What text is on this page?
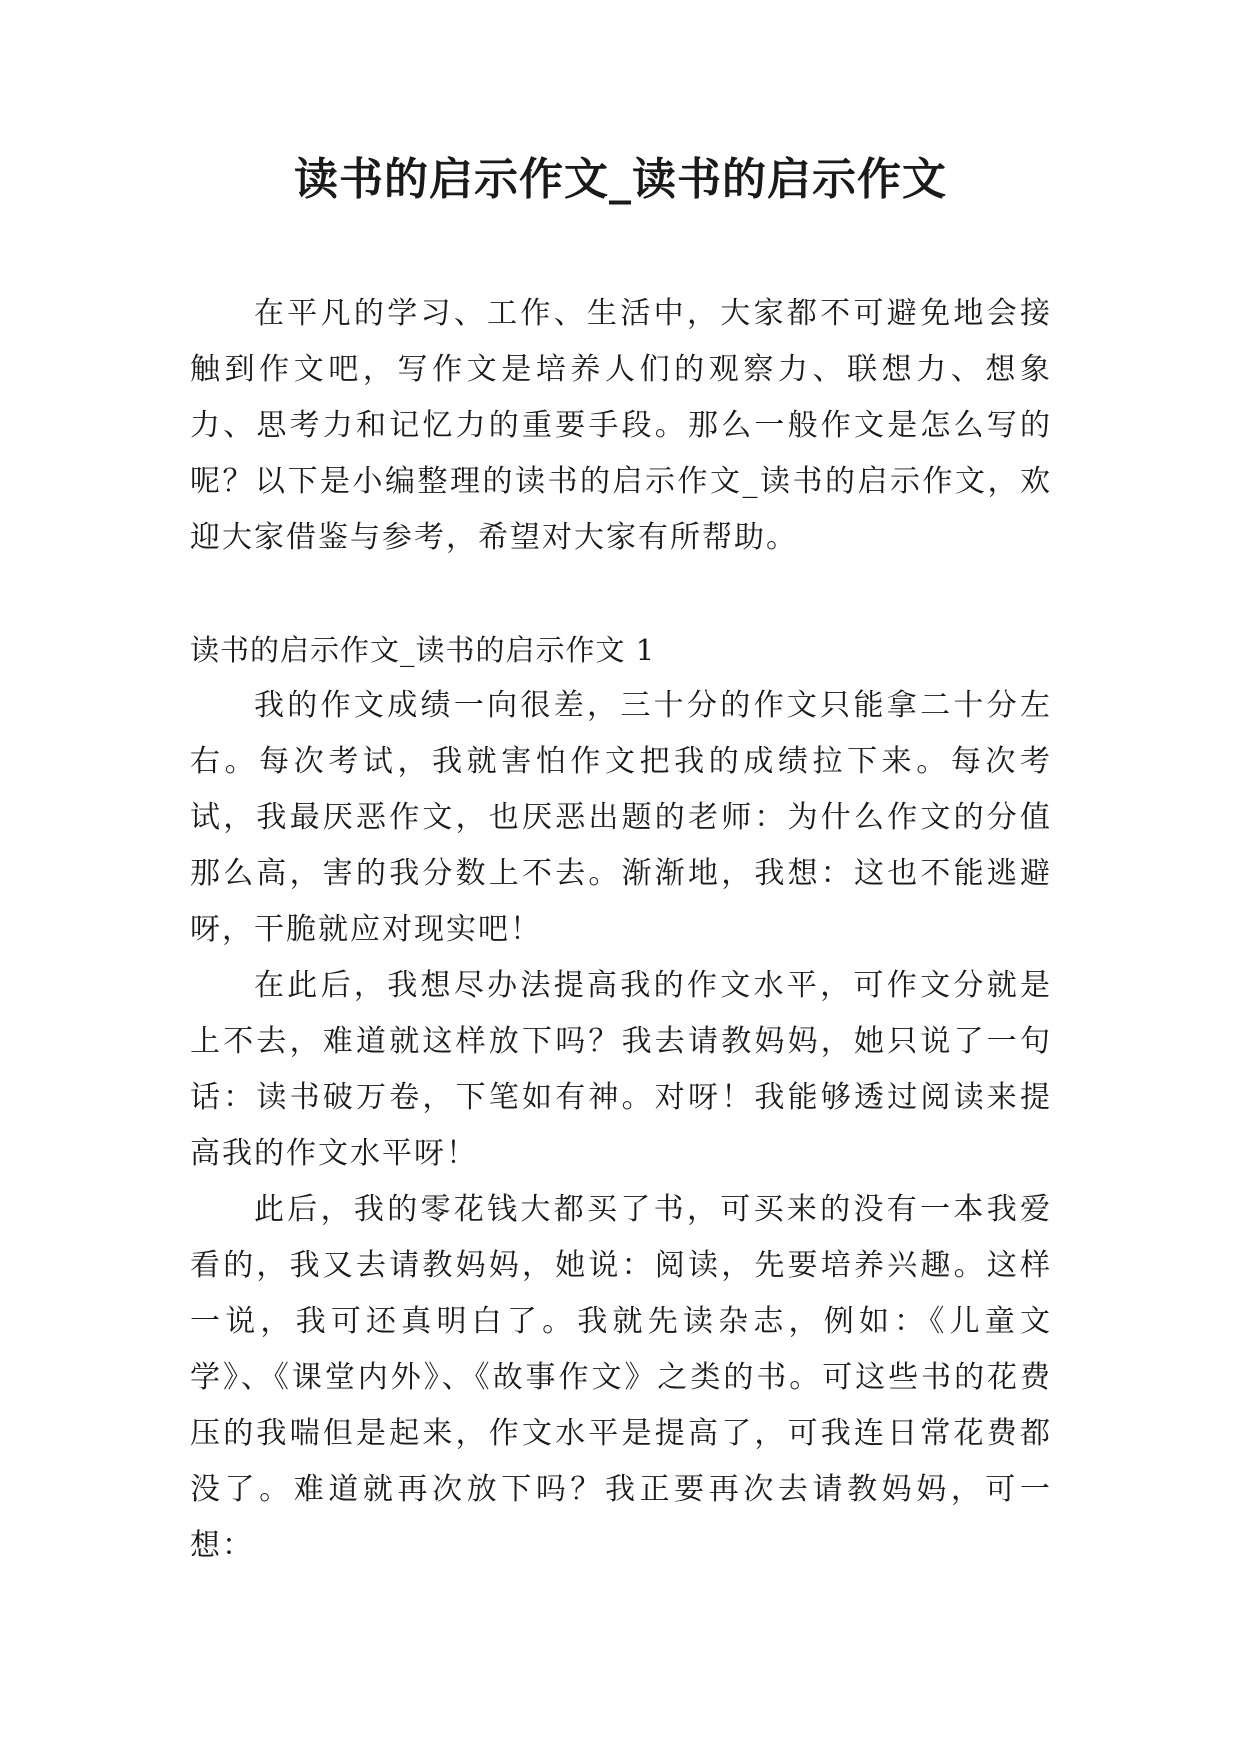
读书的启示作文_读书的启示作文

在平凡的学习、工作、生活中，大家都不可避免地会接触到作文吧，写作文是培养人们的观察力、联想力、想象力、思考力和记忆力的重要手段。那么一般作文是怎么写的呢？以下是小编整理的读书的启示作文_读书的启示作文，欢迎大家借鉴与参考，希望对大家有所帮助。

读书的启示作文_读书的启示作文 1

我的作文成绩一向很差，三十分的作文只能拿二十分左右。每次考试，我就害怕作文把我的成绩拉下来。每次考试，我最厌恶作文，也厌恶出题的老师：为什么作文的分值那么高，害的我分数上不去。渐渐地，我想：这也不能逃避呀，干脆就应对现实吧！

在此后，我想尽办法提高我的作文水平，可作文分就是上不去，难道就这样放下吗？我去请教妈妈，她只说了一句话：读书破万卷，下笔如有神。对呀！我能够透过阅读来提高我的作文水平呀！

此后，我的零花钱大都买了书，可买来的没有一本我爱看的，我又去请教妈妈，她说：阅读，先要培养兴趣。这样一说，我可还真明白了。我就先读杂志，例如：《儿童文学》、《课堂内外》、《故事作文》之类的书。可这些书的花费压的我喘但是起来，作文水平是提高了，可我连日常花费都没了。难道就再次放下吗？我正要再次去请教妈妈，可一想：
